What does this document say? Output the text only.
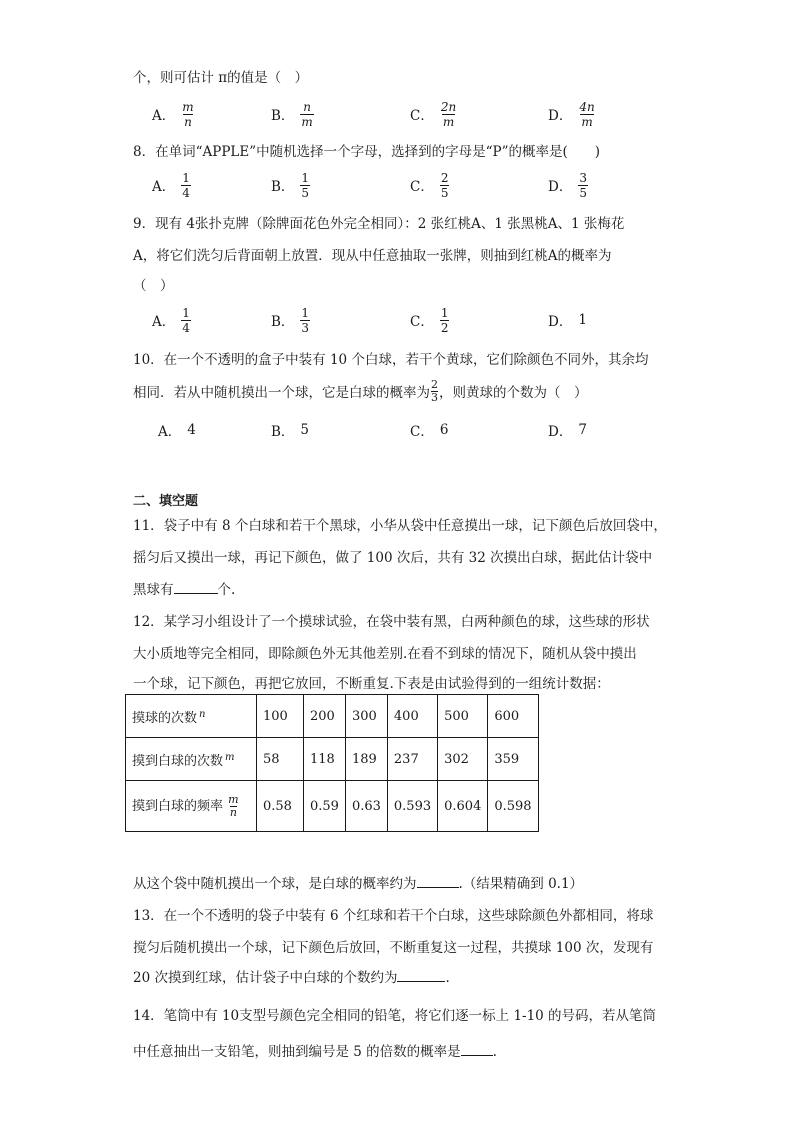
个，则可估计 π的值是（　）
A． $\frac{m}{n}$	B． $\frac{n}{m}$	C． $\frac{2n}{m}$	D． $\frac{4n}{m}$
8．在单词“APPLE”中随机选择一个字母，选择到的字母是“P”的概率是(　　)
A． $\frac{1}{4}$	B． $\frac{1}{5}$	C． $\frac{2}{5}$	D． $\frac{3}{5}$
9．现有 4张扑克牌（除牌面花色外完全相同）：2 张红桃A、1 张黑桃A、1 张梅花
A，将它们洗匀后背面朝上放置．现从中任意抽取一张牌，则抽到红桃A的概率为
（　）
A． $\frac{1}{4}$	B． $\frac{1}{3}$	C． $\frac{1}{2}$	D． 1
10．在一个不透明的盒子中装有 10 个白球，若干个黄球，它们除颜色不同外，其余均
相同．若从中随机摸出一个球，它是白球的概率为 $\frac{2}{3}$ ，则黄球的个数为（　）
A． 4	B． 5	C． 6	D． 7
二、填空题
11．袋子中有 8 个白球和若干个黑球，小华从袋中任意摸出一球，记下颜色后放回袋中，
摇匀后又摸出一球，再记下颜色，做了 100 次后，共有 32 次摸出白球，据此估计袋中
黑球有	个.
12．某学习小组设计了一个摸球试验，在袋中装有黑，白两种颜色的球，这些球的形状
大小质地等完全相同，即除颜色外无其他差别.在看不到球的情况下，随机从袋中摸出
一个球，记下颜色，再把它放回，不断重复.下表是由试验得到的一组统计数据：
摸球的次数 $^n$	100	200	300	400	500	600
摸到白球的次数 $^m$	58	118	189	237	302	359
摸到白球的频率 $\frac{m}{n}$	0.58	0.59	0.63	0.593	0.604	0.598
从这个袋中随机摸出一个球，是白球的概率约为	.（结果精确到 0.1）
13．在一个不透明的袋子中装有 6 个红球和若干个白球，这些球除颜色外都相同，将球
搅匀后随机摸出一个球，记下颜色后放回，不断重复这一过程，共摸球 100 次，发现有
20 次摸到红球，估计袋子中白球的个数约为	.
14．笔筒中有 10支型号颜色完全相同的铅笔，将它们逐一标上 1-10 的号码，若从笔筒
中任意抽出一支铅笔，则抽到编号是 5 的倍数的概率是 .
